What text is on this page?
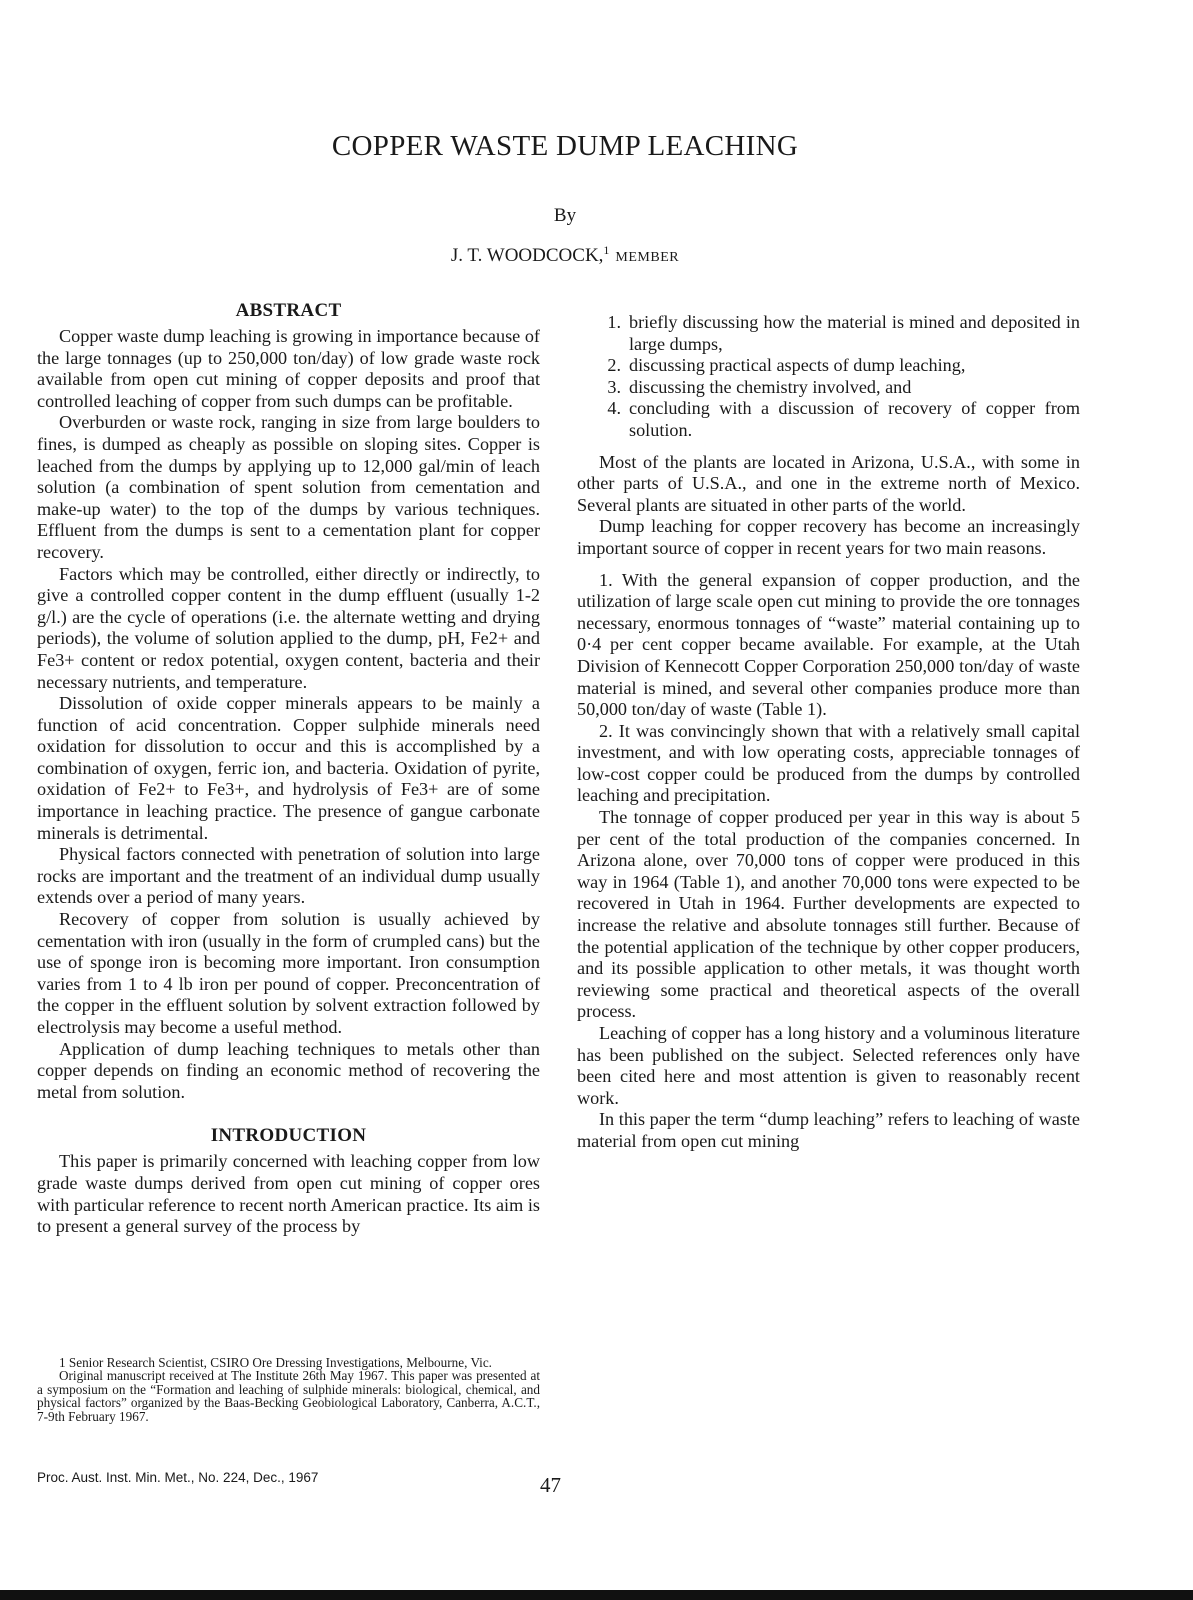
COPPER WASTE DUMP LEACHING
By
J. T. WOODCOCK,$^1$ MEMBER
ABSTRACT

Copper waste dump leaching is growing in importance because of the large tonnages (up to 250,000 ton/day) of low grade waste rock available from open cut mining of copper deposits and proof that controlled leaching of copper from such dumps can be profitable.

Overburden or waste rock, ranging in size from large boulders to fines, is dumped as cheaply as possible on sloping sites. Copper is leached from the dumps by applying up to 12,000 gal/min of leach solution (a combination of spent solution from cementation and make-up water) to the top of the dumps by various techniques. Effluent from the dumps is sent to a cementation plant for copper recovery.

Factors which may be controlled, either directly or indirectly, to give a controlled copper content in the dump effluent (usually 1-2 g/l.) are the cycle of operations (i.e. the alternate wetting and drying periods), the volume of solution applied to the dump, pH, Fe2+ and Fe3+ content or redox potential, oxygen content, bacteria and their necessary nutrients, and temperature.

Dissolution of oxide copper minerals appears to be mainly a function of acid concentration. Copper sulphide minerals need oxidation for dissolution to occur and this is accomplished by a combination of oxygen, ferric ion, and bacteria. Oxidation of pyrite, oxidation of Fe2+ to Fe3+, and hydrolysis of Fe3+ are of some importance in leaching practice. The presence of gangue carbonate minerals is detrimental.

Physical factors connected with penetration of solution into large rocks are important and the treatment of an individual dump usually extends over a period of many years.

Recovery of copper from solution is usually achieved by cementation with iron (usually in the form of crumpled cans) but the use of sponge iron is becoming more important. Iron consumption varies from 1 to 4 lb iron per pound of copper. Preconcentration of the copper in the effluent solution by solvent extraction followed by electrolysis may become a useful method.

Application of dump leaching techniques to metals other than copper depends on finding an economic method of recovering the metal from solution.

INTRODUCTION

This paper is primarily concerned with leaching copper from low grade waste dumps derived from open cut mining of copper ores with particular reference to recent north American practice. Its aim is to present a general survey of the process by

1. briefly discussing how the material is mined and deposited in large dumps,
2. discussing practical aspects of dump leaching,
3. discussing the chemistry involved, and
4. concluding with a discussion of recovery of copper from solution.

Most of the plants are located in Arizona, U.S.A., with some in other parts of U.S.A., and one in the extreme north of Mexico. Several plants are situated in other parts of the world.

Dump leaching for copper recovery has become an increasingly important source of copper in recent years for two main reasons.

1. With the general expansion of copper production, and the utilization of large scale open cut mining to provide the ore tonnages necessary, enormous tonnages of “waste” material containing up to 0·4 per cent copper became available. For example, at the Utah Division of Kennecott Copper Corporation 250,000 ton/day of waste material is mined, and several other companies produce more than 50,000 ton/day of waste (Table 1).

2. It was convincingly shown that with a relatively small capital investment, and with low operating costs, appreciable tonnages of low-cost copper could be produced from the dumps by controlled leaching and precipitation.

The tonnage of copper produced per year in this way is about 5 per cent of the total production of the companies concerned. In Arizona alone, over 70,000 tons of copper were produced in this way in 1964 (Table 1), and another 70,000 tons were expected to be recovered in Utah in 1964. Further developments are expected to increase the relative and absolute tonnages still further. Because of the potential application of the technique by other copper producers, and its possible application to other metals, it was thought worth reviewing some practical and theoretical aspects of the overall process.

Leaching of copper has a long history and a voluminous literature has been published on the subject. Selected references only have been cited here and most attention is given to reasonably recent work.

In this paper the term “dump leaching” refers to leaching of waste material from open cut mining

1 Senior Research Scientist, CSIRO Ore Dressing Investigations, Melbourne, Vic.

Original manuscript received at The Institute 26th May 1967. This paper was presented at a symposium on the “Formation and leaching of sulphide minerals: biological, chemical, and physical factors” organized by the Baas-Becking Geobiological Laboratory, Canberra, A.C.T., 7-9th February 1967.

Proc. Aust. Inst. Min. Met., No. 224, Dec., 1967	47
